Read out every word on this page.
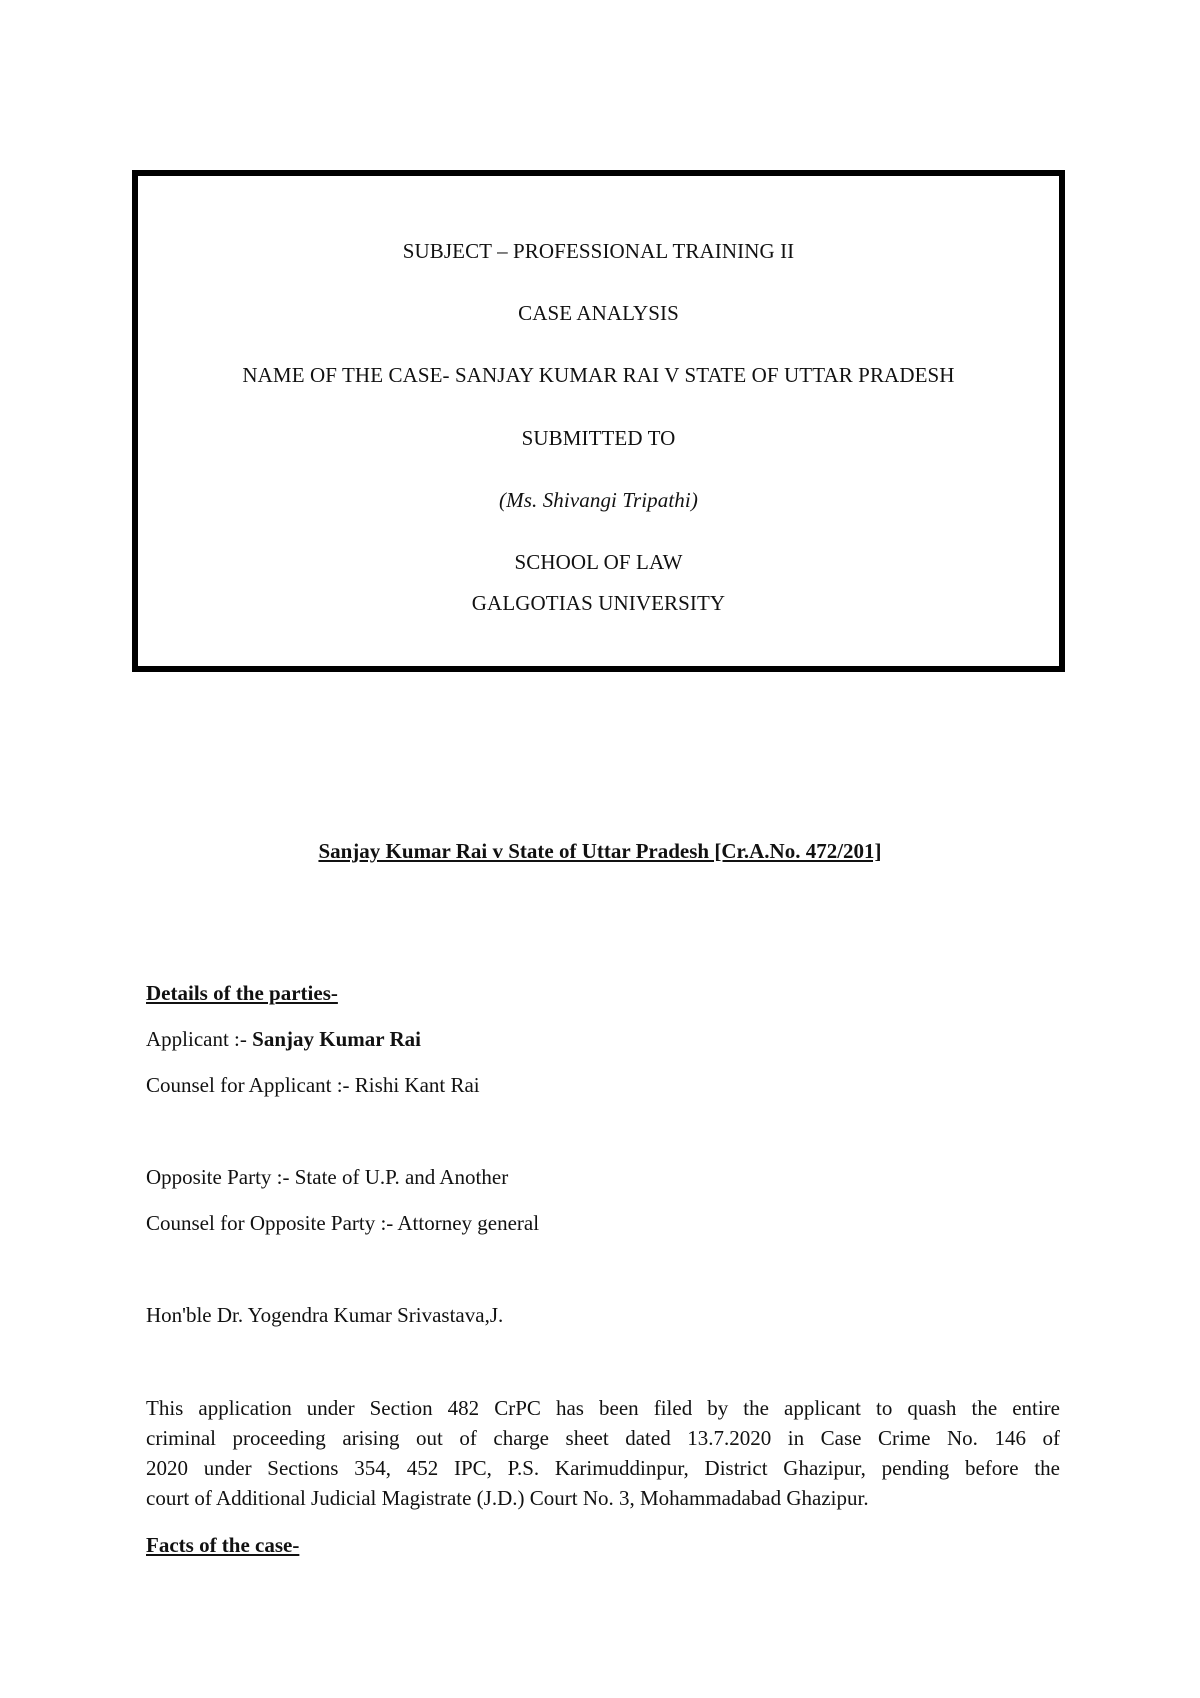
SUBJECT – PROFESSIONAL TRAINING II
CASE ANALYSIS
NAME OF THE CASE- SANJAY KUMAR RAI V STATE OF UTTAR PRADESH
SUBMITTED TO
(Ms. Shivangi Tripathi)
SCHOOL OF LAW
GALGOTIAS UNIVERSITY
Sanjay Kumar Rai v State of Uttar Pradesh [Cr.A.No. 472/201]
Details of the parties-
Applicant :- Sanjay Kumar Rai
Counsel for Applicant :- Rishi Kant Rai
Opposite Party :- State of U.P. and Another
Counsel for Opposite Party :- Attorney general
Hon'ble Dr. Yogendra Kumar Srivastava,J.
This application under Section 482 CrPC has been filed by the applicant to quash the entire
criminal proceeding arising out of charge sheet dated 13.7.2020 in Case Crime No. 146 of
2020 under Sections 354, 452 IPC, P.S. Karimuddinpur, District Ghazipur, pending before the
court of Additional Judicial Magistrate (J.D.) Court No. 3, Mohammadabad Ghazipur.
Facts of the case-
